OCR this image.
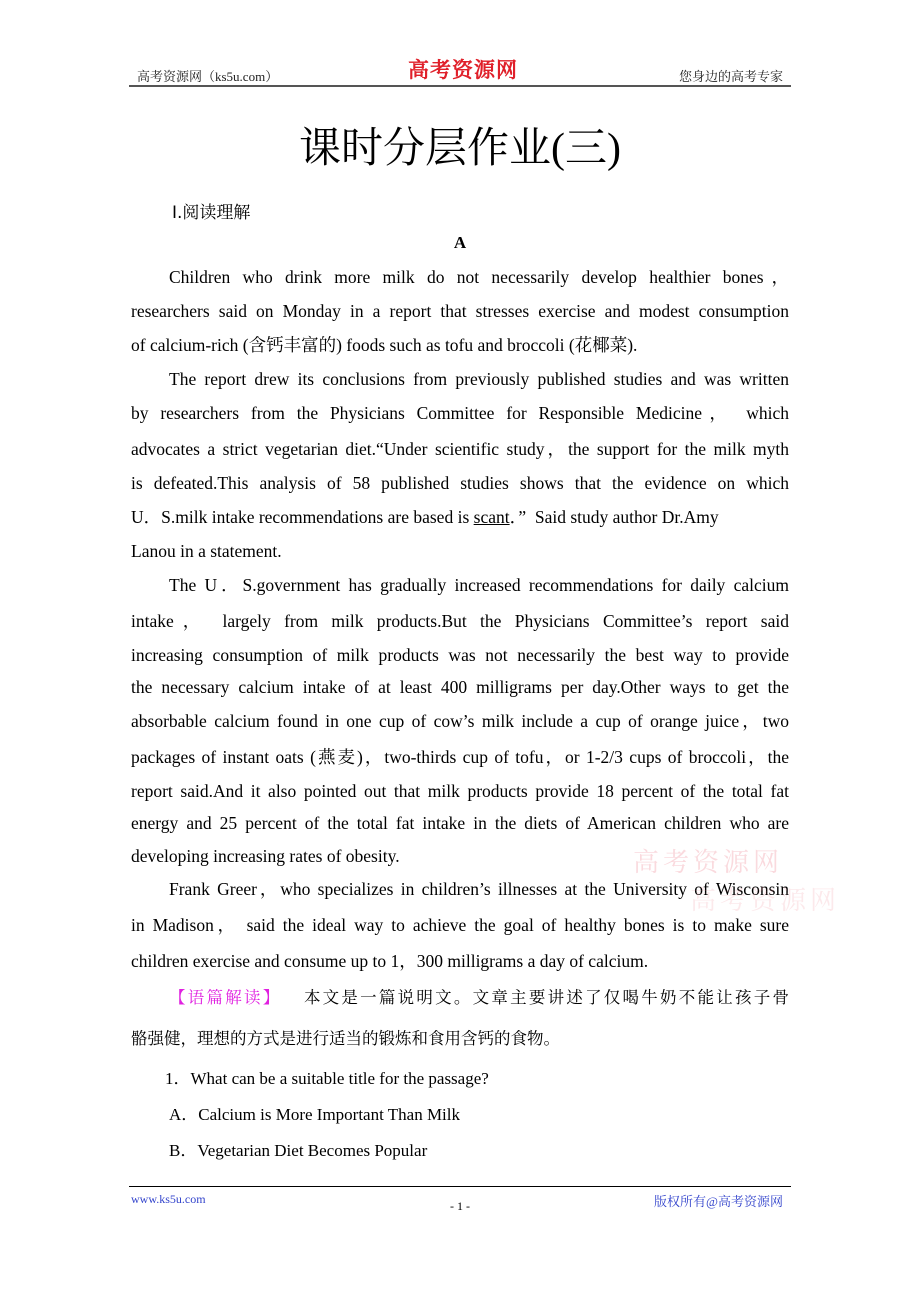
高考资源网（ks5u.com）	高考资源网	您身边的高考专家
课时分层作业(三)
Ⅰ.阅读理解
A
Children who drink more milk do not necessarily develop healthier bones，
researchers said on Monday in a report that stresses exercise and modest consumption
of calcium-rich (含钙丰富的) foods such as tofu and broccoli (花椰菜).
The report drew its conclusions from previously published studies and was written
by researchers from the Physicians Committee for Responsible Medicine， which
advocates a strict vegetarian diet.“Under scientific study，the support for the milk myth
is defeated.This analysis of 58 published studies shows that the evidence on which
U．S.milk intake recommendations are based is scant．”  Said study author Dr.Amy
Lanou in a statement.
The U．S.government has gradually increased recommendations for daily calcium
intake， largely from milk products.But the Physicians Committee’s report said
increasing consumption of milk products was not necessarily the best way to provide
the necessary calcium intake of at least 400 milligrams per day.Other ways to get the
absorbable calcium found in one cup of cow’s milk include a cup of orange juice，two
packages of instant oats (燕麦)，two-thirds cup of tofu，or 1-2/3 cups of broccoli，the
report said.And it also pointed out that milk products provide 18 percent of the total fat
energy and 25 percent of the total fat intake in the diets of American children who are
developing increasing rates of obesity.
Frank Greer，who specializes in children’s illnesses at the University of Wisconsin
in Madison， said the ideal way to achieve the goal of healthy bones is to make sure
children exercise and consume up to 1，300 milligrams a day of calcium.
高考资源网
高考资源网
【语篇解读】 本文是一篇说明文。文章主要讲述了仅喝牛奶不能让孩子骨
骼强健，理想的方式是进行适当的锻炼和食用含钙的食物。
1．What can be a suitable title for the passage?
A．Calcium is More Important Than Milk
B．Vegetarian Diet Becomes Popular
www.ks5u.com	- 1 -	版权所有@高考资源网
